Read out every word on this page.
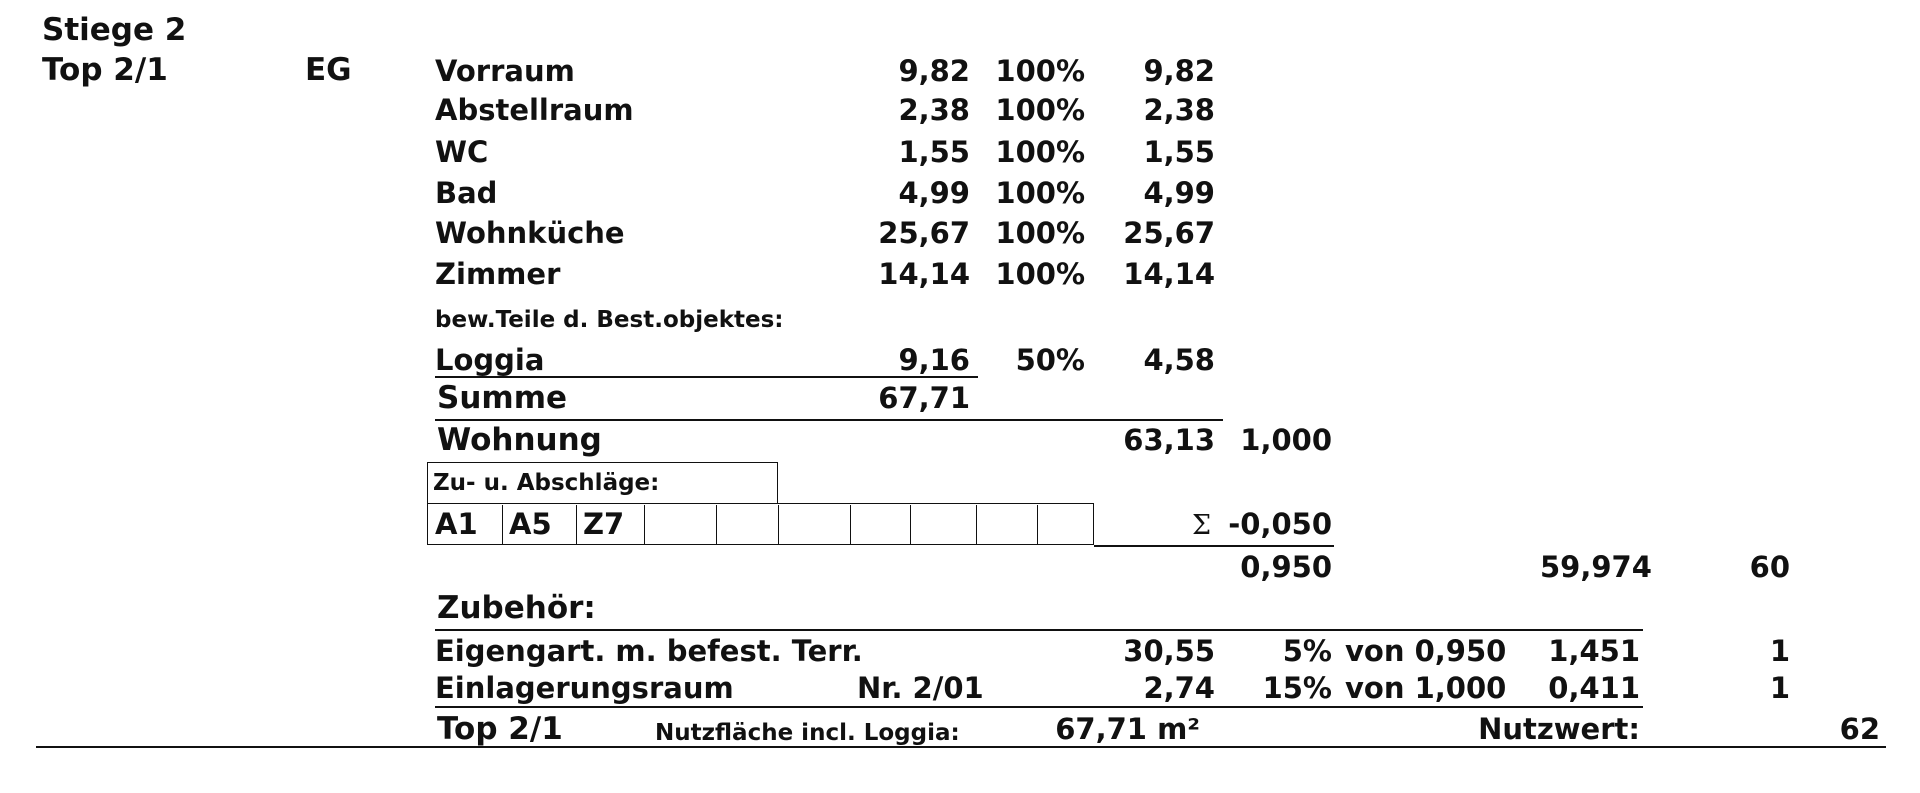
Stiege 2
Top 2/1	EG	Vorraum	9,82 100%	9,82
Abstellraum	2,38 100%	2,38
WC	1,55 100%	1,55
Bad	4,99 100%	4,99
Wohnküche	25,67 100% 25,67
Zimmer	14,14 100% 14,14
bew.Teile d. Best.objektes:
Loggia	9,16	50%	4,58
Summe	67,71
Wohnung	63,13 1,000
Zu- u. Abschläge:
A1 A5 Z7	Σ -0,050
0,950	59,974	60
Zubehör:
Eigengart. m. befest. Terr.	30,55	5% von 0,950 1,451	1
Einlagerungsraum	Nr. 2/01	2,74	15% von 1,000 0,411	1
Top 2/1	Nutzfläche incl. Loggia:	67,71 m²	Nutzwert:	62
